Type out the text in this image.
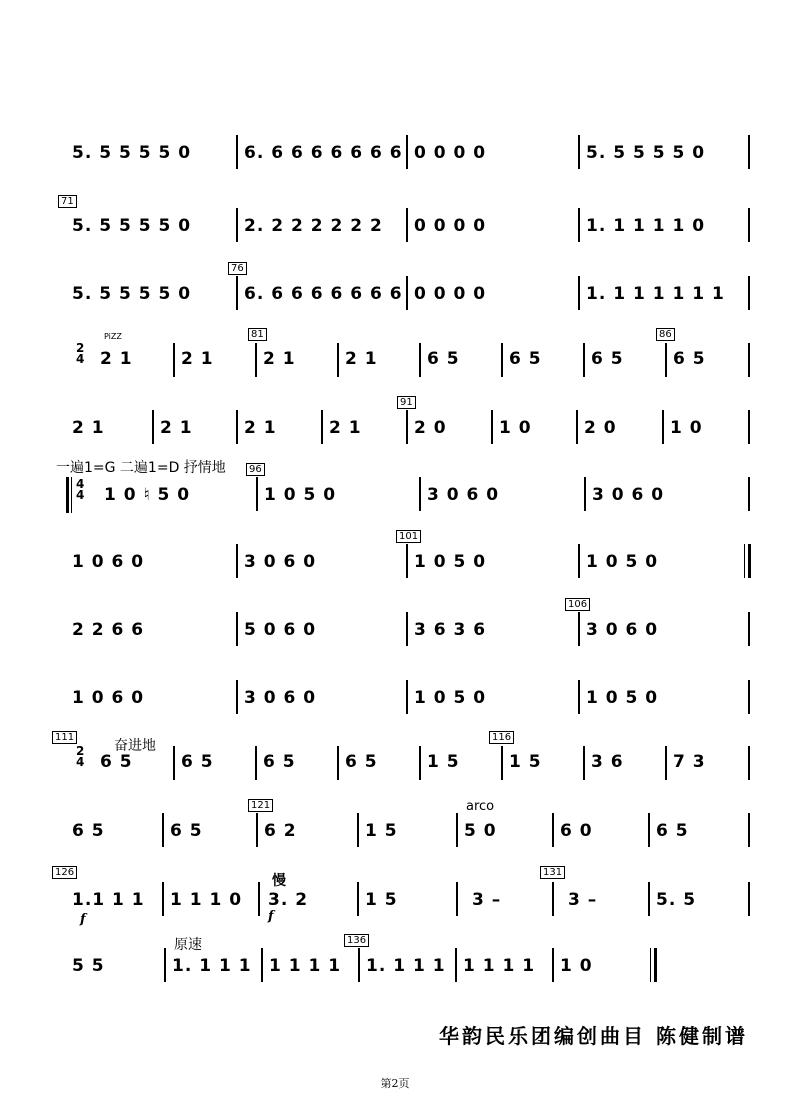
5. 5 5 5 5 0	6. 6 6 6 6 6 6 6 0 0 0 0	5. 5 5 5 5 0
71
5. 5 5 5 5 0	2. 2 2 2 2 2 2 0 0 0 0	1. 1 1 1 1 0
76
5. 5 5 5 5 0	6. 6 6 6 6 6 6 6 0 0 0 0	1. 1 1 1 1 1 1
81	86
PiZZ
2
4 2 1	2 1	2 1	2 1	6 5	6 5	6 5	6 5
91
2 1	2 1	2 1	2 1	2 0	1 0	2 0	1 0
一遍1=G 二遍1=D 抒情地	96
4
4 1 0 ♮ 5 0	1 0 5 0	3 0 6 0	3 0 6 0
101
1 0 6 0	3 0 6 0	1 0 5 0	1 0 5 0
106
2 2 6 6	5 0 6 0	3 6 3 6	3 0 6 0
1 0 6 0	3 0 6 0	1 0 5 0	1 0 5 0
111	116
奋进地
2
4 6 5	6 5	6 5	6 5	1 5	1 5	3 6	7 3
121	arco
6 5	6 5	6 2	1 5	5 0	6 0	6 5
126	131
慢
f	f
1.1 1 1 1 1 1 0 3. 2	1 5	3 –	3 –	5. 5
136
原速
5 5	1. 1 1 1 1 1 1 1 1. 1 1 1 1 1 1 1 1 0
华韵民乐团编创曲目 陈健制谱
第2页
